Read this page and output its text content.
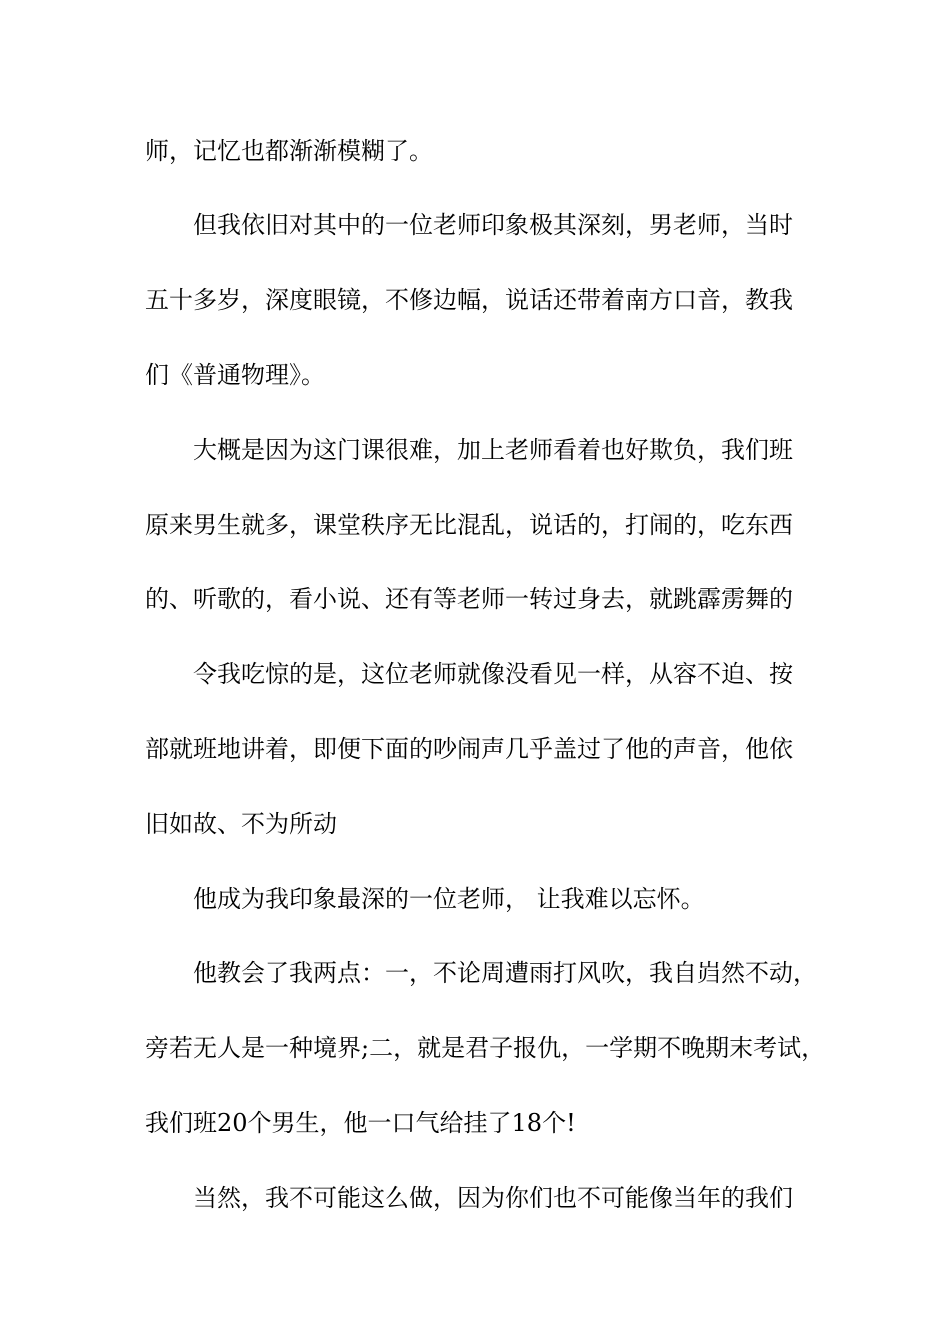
师，记忆也都渐渐模糊了。
但我依旧对其中的一位老师印象极其深刻，男老师，当时
五十多岁，深度眼镜，不修边幅，说话还带着南方口音，教我
们《普通物理》。
大概是因为这门课很难，加上老师看着也好欺负，我们班
原来男生就多，课堂秩序无比混乱，说话的，打闹的，吃东西
的、听歌的，看小说、还有等老师一转过身去，就跳霹雳舞的
令我吃惊的是，这位老师就像没看见一样，从容不迫、按
部就班地讲着，即便下面的吵闹声几乎盖过了他的声音，他依
旧如故、不为所动
他成为我印象最深的一位老师， 让我难以忘怀。
他教会了我两点：一，不论周遭雨打风吹，我自岿然不动，
旁若无人是一种境界;二，就是君子报仇，一学期不晚期末考试，
我们班20个男生，他一口气给挂了18个!
当然，我不可能这么做，因为你们也不可能像当年的我们
